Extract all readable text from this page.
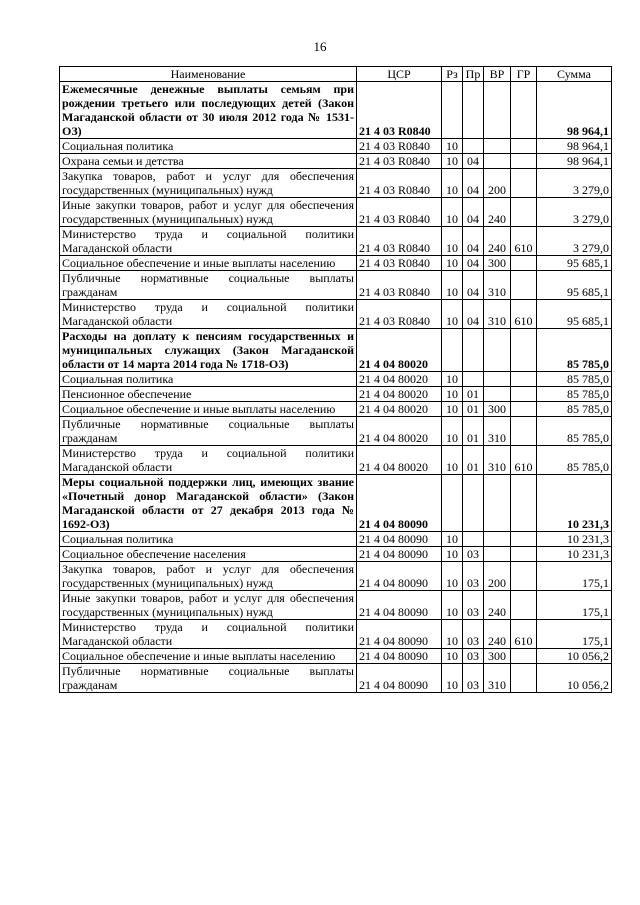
16
Наименование	ЦСР	Рз	Пр	ВР	ГР	Сумма
Ежемесячные денежные выплаты семьям при рождении третьего или последующих детей (Закон Магаданской области от 30 июля 2012 года № 1531-ОЗ)	21 4 03 R0840					98 964,1
Социальная политика	21 4 03 R0840	10				98 964,1
Охрана семьи и детства	21 4 03 R0840	10	04			98 964,1
Закупка товаров, работ и услуг для обеспечения государственных (муниципальных) нужд	21 4 03 R0840	10	04	200		3 279,0
Иные закупки товаров, работ и услуг для обеспечения государственных (муниципальных) нужд	21 4 03 R0840	10	04	240		3 279,0
Министерство труда и социальной политики Магаданской области	21 4 03 R0840	10	04	240	610	3 279,0
Социальное обеспечение и иные выплаты населению	21 4 03 R0840	10	04	300		95 685,1
Публичные нормативные социальные выплаты гражданам	21 4 03 R0840	10	04	310		95 685,1
Министерство труда и социальной политики Магаданской области	21 4 03 R0840	10	04	310	610	95 685,1
Расходы на доплату к пенсиям государственных и муниципальных служащих (Закон Магаданской области от 14 марта 2014 года № 1718-ОЗ)	21 4 04 80020					85 785,0
Социальная политика	21 4 04 80020	10				85 785,0
Пенсионное обеспечение	21 4 04 80020	10	01			85 785,0
Социальное обеспечение и иные выплаты населению	21 4 04 80020	10	01	300		85 785,0
Публичные нормативные социальные выплаты гражданам	21 4 04 80020	10	01	310		85 785,0
Министерство труда и социальной политики Магаданской области	21 4 04 80020	10	01	310	610	85 785,0
Меры социальной поддержки лиц, имеющих звание «Почетный донор Магаданской области» (Закон Магаданской области от 27 декабря 2013 года № 1692-ОЗ)	21 4 04 80090					10 231,3
Социальная политика	21 4 04 80090	10				10 231,3
Социальное обеспечение населения	21 4 04 80090	10	03			10 231,3
Закупка товаров, работ и услуг для обеспечения государственных (муниципальных) нужд	21 4 04 80090	10	03	200		175,1
Иные закупки товаров, работ и услуг для обеспечения государственных (муниципальных) нужд	21 4 04 80090	10	03	240		175,1
Министерство труда и социальной политики Магаданской области	21 4 04 80090	10	03	240	610	175,1
Социальное обеспечение и иные выплаты населению	21 4 04 80090	10	03	300		10 056,2
Публичные нормативные социальные выплаты гражданам	21 4 04 80090	10	03	310		10 056,2
